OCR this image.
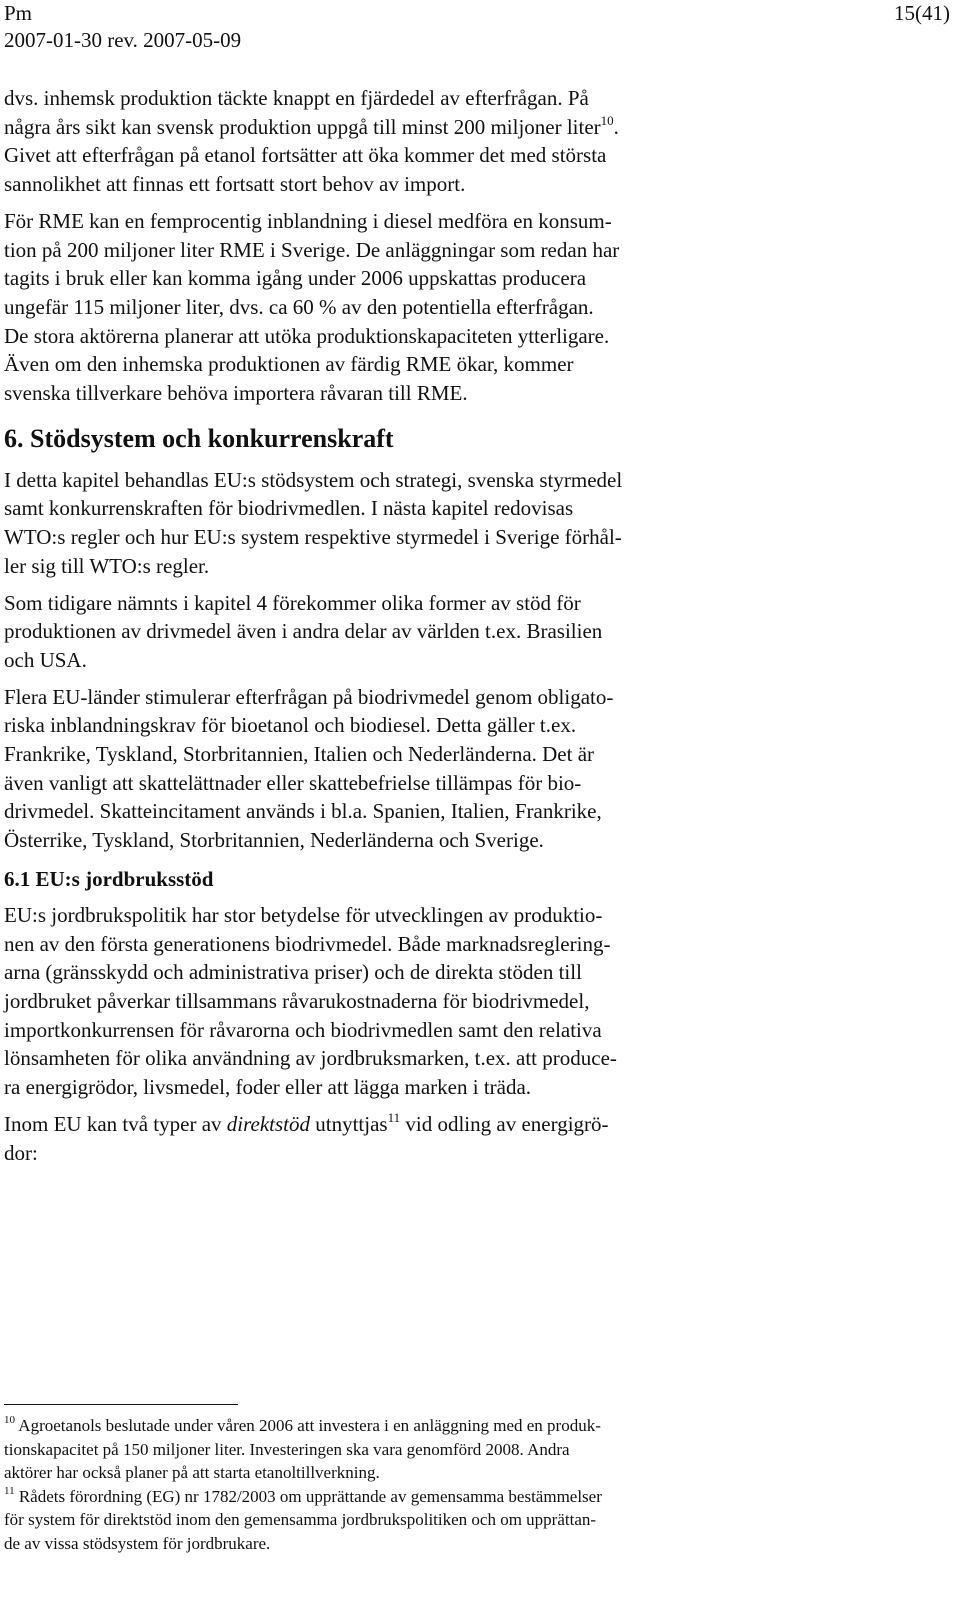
Pm
2007-01-30 rev. 2007-05-09
15(41)

dvs. inhemsk produktion täckte knappt en fjärdedel av efterfrågan. På
några års sikt kan svensk produktion uppgå till minst 200 miljoner liter$^{10}$.
Givet att efterfrågan på etanol fortsätter att öka kommer det med största
sannolikhet att finnas ett fortsatt stort behov av import.

För RME kan en femprocentig inblandning i diesel medföra en konsum-
tion på 200 miljoner liter RME i Sverige. De anläggningar som redan har
tagits i bruk eller kan komma igång under 2006 uppskattas producera
ungefär 115 miljoner liter, dvs. ca 60 % av den potentiella efterfrågan.
De stora aktörerna planerar att utöka produktionskapaciteten ytterligare.
Även om den inhemska produktionen av färdig RME ökar, kommer
svenska tillverkare behöva importera råvaran till RME.

6. Stödsystem och konkurrenskraft

I detta kapitel behandlas EU:s stödsystem och strategi, svenska styrmedel
samt konkurrenskraften för biodrivmedlen. I nästa kapitel redovisas
WTO:s regler och hur EU:s system respektive styrmedel i Sverige förhål-
ler sig till WTO:s regler.

Som tidigare nämnts i kapitel 4 förekommer olika former av stöd för
produktionen av drivmedel även i andra delar av världen t.ex. Brasilien
och USA.

Flera EU-länder stimulerar efterfrågan på biodrivmedel genom obligato-
riska inblandningskrav för bioetanol och biodiesel. Detta gäller t.ex.
Frankrike, Tyskland, Storbritannien, Italien och Nederländerna. Det är
även vanligt att skattelättnader eller skattebefrielse tillämpas för bio-
drivmedel. Skatteincitament används i bl.a. Spanien, Italien, Frankrike,
Österrike, Tyskland, Storbritannien, Nederländerna och Sverige.

6.1 EU:s jordbruksstöd

EU:s jordbrukspolitik har stor betydelse för utvecklingen av produktio-
nen av den första generationens biodrivmedel. Både marknadsreglering-
arna (gränsskydd och administrativa priser) och de direkta stöden till
jordbruket påverkar tillsammans råvarukostnaderna för biodrivmedel,
importkonkurrensen för råvarorna och biodrivmedlen samt den relativa
lönsamheten för olika användning av jordbruksmarken, t.ex. att produce-
ra energigrödor, livsmedel, foder eller att lägga marken i träda.

Inom EU kan två typer av direktstöd utnyttjas$^{11}$ vid odling av energigrö-
dor:

$^{10}$ Agroetanols beslutade under våren 2006 att investera i en anläggning med en produk-
tionskapacitet på 150 miljoner liter. Investeringen ska vara genomförd 2008. Andra
aktörer har också planer på att starta etanoltillverkning.

$^{11}$ Rådets förordning (EG) nr 1782/2003 om upprättande av gemensamma bestämmelser
för system för direktstöd inom den gemensamma jordbrukspolitiken och om upprättan-
de av vissa stödsystem för jordbrukare.
